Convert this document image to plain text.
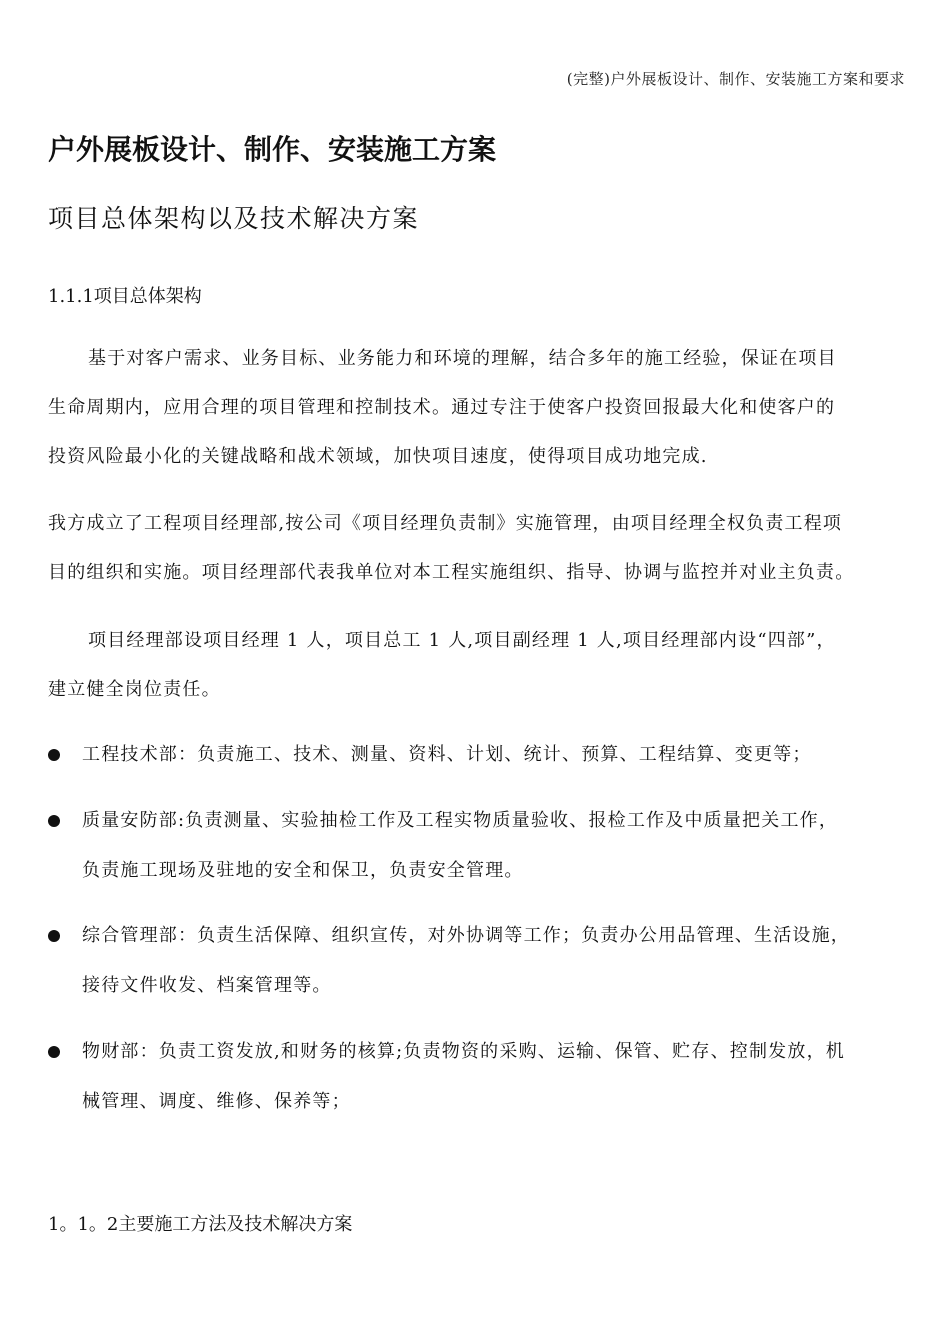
(完整)户外展板设计、制作、安装施工方案和要求
户外展板设计、制作、安装施工方案
项目总体架构以及技术解决方案
1.1.1项目总体架构
基于对客户需求、业务目标、业务能力和环境的理解，结合多年的施工经验，保证在项目
生命周期内，应用合理的项目管理和控制技术。通过专注于使客户投资回报最大化和使客户的
投资风险最小化的关键战略和战术领域，加快项目速度，使得项目成功地完成.
我方成立了工程项目经理部,按公司《项目经理负责制》实施管理，由项目经理全权负责工程项
目的组织和实施。项目经理部代表我单位对本工程实施组织、指导、协调与监控并对业主负责。
项目经理部设项目经理 1 人，项目总工 1 人,项目副经理 1 人,项目经理部内设“四部”，
建立健全岗位责任。
工程技术部：负责施工、技术、测量、资料、计划、统计、预算、工程结算、变更等；
质量安防部:负责测量、实验抽检工作及工程实物质量验收、报检工作及中质量把关工作，
负责施工现场及驻地的安全和保卫，负责安全管理。
综合管理部：负责生活保障、组织宣传，对外协调等工作；负责办公用品管理、生活设施，
接待文件收发、档案管理等。
物财部：负责工资发放,和财务的核算;负责物资的采购、运输、保管、贮存、控制发放，机
械管理、调度、维修、保养等；
1。1。2主要施工方法及技术解决方案
